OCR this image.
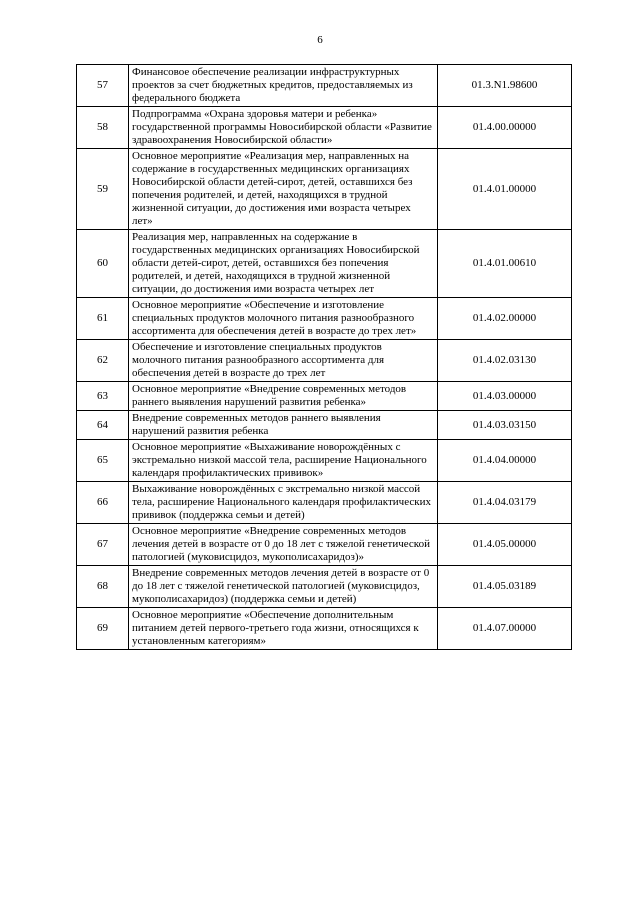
6
57	Финансовое обеспечение реализации инфраструктурных проектов за счет бюджетных кредитов, предоставляемых из федерального бюджета	01.3.N1.98600
58	Подпрограмма «Охрана здоровья матери и ребенка» государственной программы Новосибирской области «Развитие здравоохранения Новосибирской области»	01.4.00.00000
59	Основное мероприятие «Реализация мер, направленных на содержание в государственных медицинских организациях Новосибирской области детей-сирот, детей, оставшихся без попечения родителей, и детей, находящихся в трудной жизненной ситуации, до достижения ими возраста четырех лет»	01.4.01.00000
60	Реализация мер, направленных на содержание в государственных медицинских организациях Новосибирской области детей-сирот, детей, оставшихся без попечения родителей, и детей, находящихся в трудной жизненной ситуации, до достижения ими возраста четырех лет	01.4.01.00610
61	Основное мероприятие «Обеспечение и изготовление специальных продуктов молочного питания разнообразного ассортимента для обеспечения детей в возрасте до трех лет»	01.4.02.00000
62	Обеспечение и изготовление специальных продуктов молочного питания разнообразного ассортимента для обеспечения детей в возрасте до трех лет	01.4.02.03130
63	Основное мероприятие «Внедрение современных методов раннего выявления нарушений развития ребенка»	01.4.03.00000
64	Внедрение современных методов раннего выявления нарушений развития ребенка	01.4.03.03150
65	Основное мероприятие «Выхаживание новорождённых с экстремально низкой массой тела, расширение Национального календаря профилактических прививок»	01.4.04.00000
66	Выхаживание новорождённых с экстремально низкой массой тела, расширение Национального календаря профилактических прививок (поддержка семьи и детей)	01.4.04.03179
67	Основное мероприятие «Внедрение современных методов лечения детей в возрасте от 0 до 18 лет с тяжелой генетической патологией (муковисцидоз, мукополисахаридоз)»	01.4.05.00000
68	Внедрение современных методов лечения детей в возрасте от 0 до 18 лет с тяжелой генетической патологией (муковисцидоз, мукополисахаридоз) (поддержка семьи и детей)	01.4.05.03189
69	Основное мероприятие «Обеспечение дополнительным питанием детей первого-третьего года жизни, относящихся к установленным категориям»	01.4.07.00000
